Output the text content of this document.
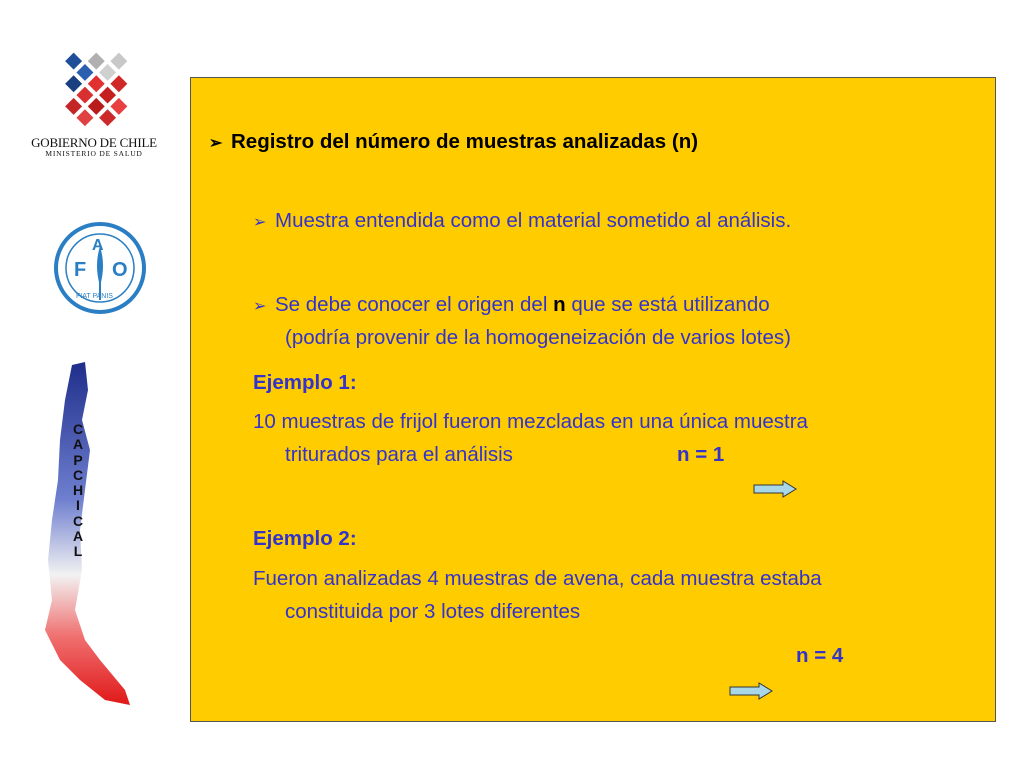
GOBIERNO DE CHILE
MINISTERIO DE SALUD
F
A
O
FIAT PANIS
C
A
P
C
H
I
C
A
L
➢ Registro del número de muestras analizadas (n)
➢ Muestra entendida como el material sometido al análisis.
➢ Se debe conocer el origen del n que se está utilizando
(podría provenir de la homogeneización de varios lotes)
Ejemplo 1:
10 muestras de frijol fueron mezcladas en una única muestra
triturados para el análisis	n = 1
Ejemplo 2:
Fueron analizadas 4 muestras de avena, cada muestra estaba
constituida por 3 lotes diferentes
n = 4
